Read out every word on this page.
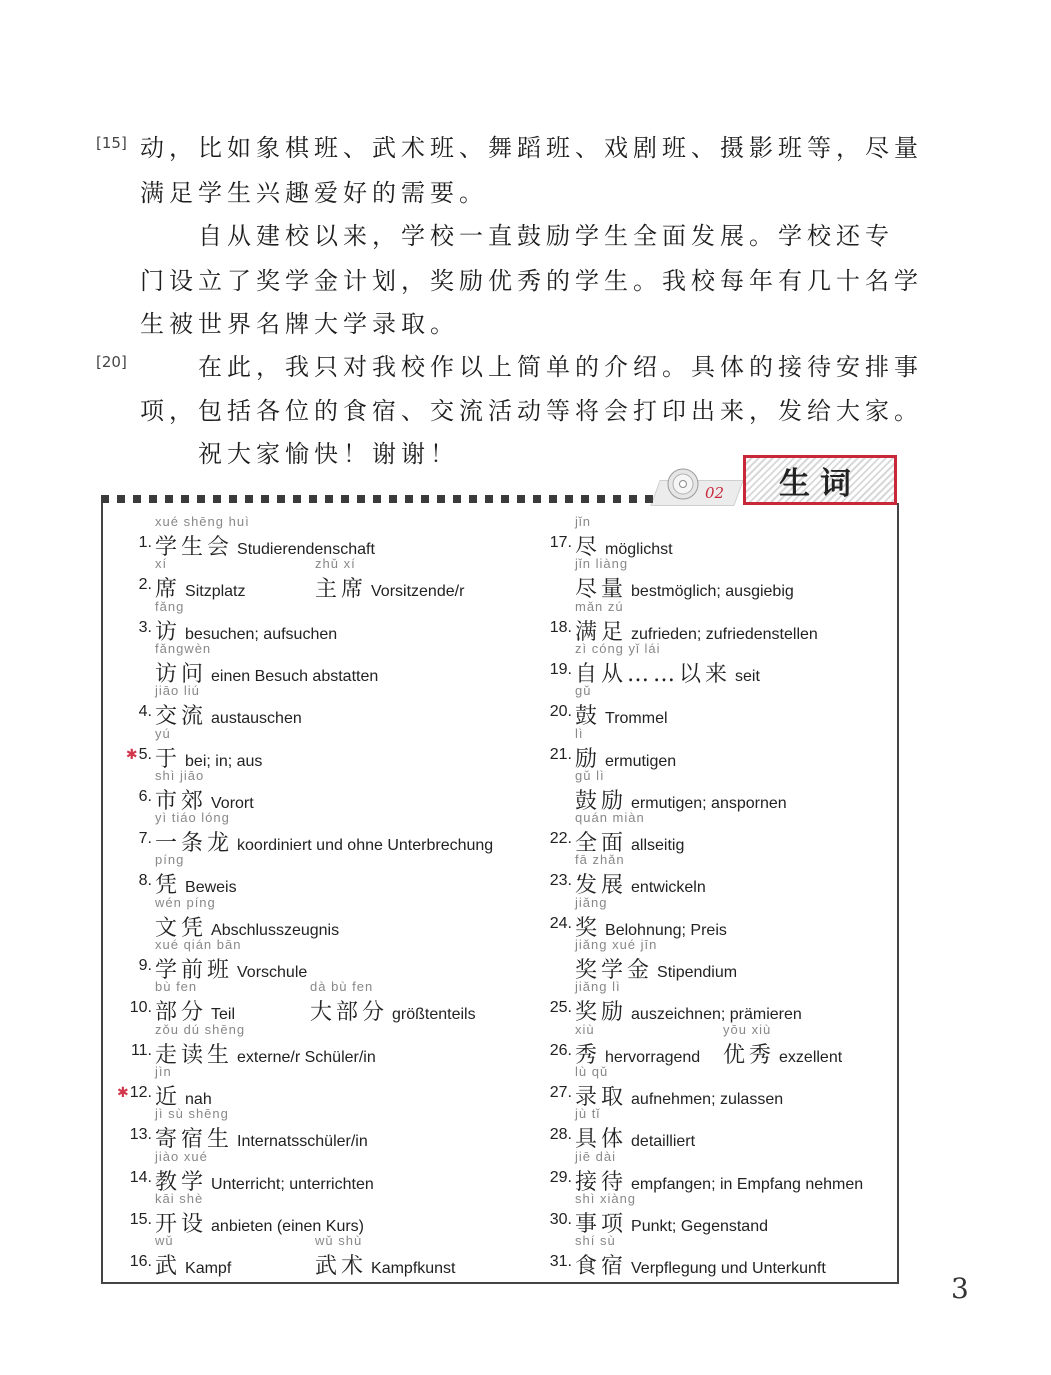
动，比如象棋班、武术班、舞蹈班、戏剧班、摄影班等，尽量
[15]
满足学生兴趣爱好的需要。
自从建校以来，学校一直鼓励学生全面发展。学校还专
门设立了奖学金计划，奖励优秀的学生。我校每年有几十名学
生被世界名牌大学录取。
在此，我只对我校作以上简单的介绍。具体的接待安排事
[20]
项，包括各位的食宿、交流活动等将会打印出来，发给大家。
祝大家愉快！谢谢！
02 生词
1.
xué shēng huì
学生会 Studierendenschaft
2.
xí
席 Sitzplatz
zhǔ xí
主席 Vorsitzende/r
3.
fǎng
访 besuchen; aufsuchen
fǎngwèn
访问 einen Besuch abstatten
4.
jiāo liú
交流 austauschen
✱5.
yú
于 bei; in; aus
6.
shì jiāo
市郊 Vorort
7.
yì tiáo lóng
一条龙 koordiniert und ohne Unterbrechung
8.
píng
凭 Beweis
wén píng
文凭 Abschlusszeugnis
9.
xué qián bān
学前班 Vorschule
10.
bù fen
部分 Teil
dà bù fen
大部分 größtenteils
11.
zǒu dú shēng
走读生 externe/r Schüler/in
✱12.
jìn
近 nah
13.
jì sù shēng
寄宿生 Internatsschüler/in
14.
jiào xué
教学 Unterricht; unterrichten
15.
kāi shè
开设 anbieten (einen Kurs)
16.
wǔ
武 Kampf
wǔ shù
武术 Kampfkunst
17.
jǐn
尽 möglichst
jǐn liàng
尽量 bestmöglich; ausgiebig
18.
mǎn zú
满足 zufrieden; zufriedenstellen
19.
zì cóng yǐ lái
自从……以来 seit
20.
gǔ
鼓 Trommel
21.
lì
励 ermutigen
gǔ lì
鼓励 ermutigen; anspornen
22.
quán miàn
全面 allseitig
23.
fā zhǎn
发展 entwickeln
24.
jiǎng
奖 Belohnung; Preis
jiǎng xué jīn
奖学金 Stipendium
25.
jiǎng lì
奖励 auszeichnen; prämieren
26.
xiù
秀 hervorragend
yōu xiù
优秀 exzellent
27.
lù qǔ
录取 aufnehmen; zulassen
28.
jù tǐ
具体 detailliert
29.
jiē dài
接待 empfangen; in Empfang nehmen
30.
shì xiàng
事项 Punkt; Gegenstand
31.
shí sù
食宿 Verpflegung und Unterkunft
3
